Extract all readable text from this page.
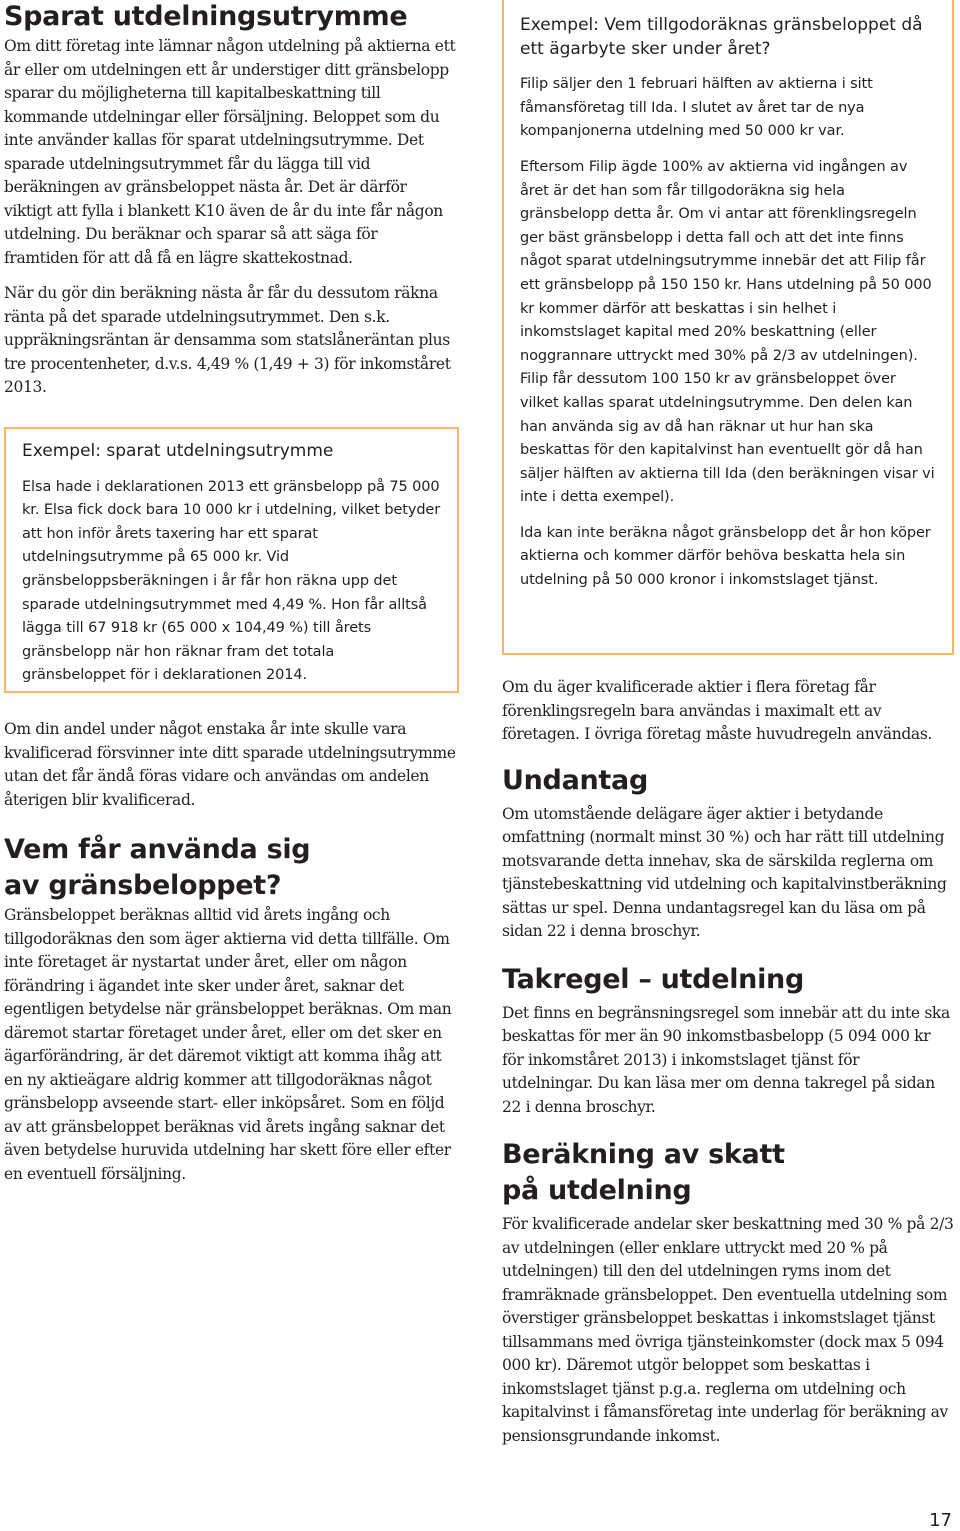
Sparat utdelningsutrymme

Om ditt företag inte lämnar någon utdelning på aktierna ett år eller om utdelningen ett år understiger ditt gränsbelopp sparar du möjligheterna till kapitalbeskattning till kommande utdelningar eller försäljning. Beloppet som du inte använder kallas för sparat utdelningsutrymme. Det sparade utdelningsutrymmet får du lägga till vid beräkningen av gränsbeloppet nästa år. Det är därför viktigt att fylla i blankett K10 även de år du inte får någon utdelning. Du beräknar och sparar så att säga för framtiden för att då få en lägre skattekostnad.

När du gör din beräkning nästa år får du dessutom räkna ränta på det sparade utdelningsutrymmet. Den s.k. uppräkningsräntan är densamma som statslåneräntan plus tre procentenheter, d.v.s. 4,49 % (1,49 + 3) för inkomståret 2013.

Exempel: sparat utdelningsutrymme

Elsa hade i deklarationen 2013 ett gränsbelopp på 75 000 kr. Elsa fick dock bara 10 000 kr i utdelning, vilket betyder att hon inför årets taxering har ett sparat utdelningsutrymme på 65 000 kr. Vid gränsbeloppsberäkningen i år får hon räkna upp det sparade utdelningsutrymmet med 4,49 %. Hon får alltså lägga till 67 918 kr (65 000 x 104,49 %) till årets gränsbelopp när hon räknar fram det totala gränsbeloppet för i deklarationen 2014.

Om din andel under något enstaka år inte skulle vara kvalificerad försvinner inte ditt sparade utdelningsutrymme utan det får ändå föras vidare och användas om andelen återigen blir kvalificerad.

Vem får använda sig
av gränsbeloppet?

Gränsbeloppet beräknas alltid vid årets ingång och tillgodoräknas den som äger aktierna vid detta tillfälle. Om inte företaget är nystartat under året, eller om någon förändring i ägandet inte sker under året, saknar det egentligen betydelse när gränsbeloppet beräknas. Om man däremot startar företaget under året, eller om det sker en ägarförändring, är det däremot viktigt att komma ihåg att en ny aktieägare aldrig kommer att tillgodoräknas något gränsbelopp avseende start- eller inköpsåret. Som en följd av att gränsbeloppet beräknas vid årets ingång saknar det även betydelse huruvida utdelning har skett före eller efter en eventuell försäljning.

Exempel: Vem tillgodoräknas gränsbeloppet då ett ägarbyte sker under året?

Filip säljer den 1 februari hälften av aktierna i sitt fåmansföretag till Ida. I slutet av året tar de nya kompanjonerna utdelning med 50 000 kr var.

Eftersom Filip ägde 100% av aktierna vid ingången av året är det han som får tillgodoräkna sig hela gränsbelopp detta år. Om vi antar att förenklingsregeln ger bäst gränsbelopp i detta fall och att det inte finns något sparat utdelningsutrymme innebär det att Filip får ett gränsbelopp på 150 150 kr. Hans utdelning på 50 000 kr kommer därför att beskattas i sin helhet i inkomstslaget kapital med 20% beskattning (eller noggrannare uttryckt med 30% på 2/3 av utdelningen). Filip får dessutom 100 150 kr av gränsbeloppet över vilket kallas sparat utdelningsutrymme. Den delen kan han använda sig av då han räknar ut hur han ska beskattas för den kapitalvinst han eventuellt gör då han säljer hälften av aktierna till Ida (den beräkningen visar vi inte i detta exempel).

Ida kan inte beräkna något gränsbelopp det år hon köper aktierna och kommer därför behöva beskatta hela sin utdelning på 50 000 kronor i inkomstslaget tjänst.

Om du äger kvalificerade aktier i flera företag får förenklingsregeln bara användas i maximalt ett av företagen. I övriga företag måste huvudregeln användas.

Undantag

Om utomstående delägare äger aktier i betydande omfattning (normalt minst 30 %) och har rätt till utdelning motsvarande detta innehav, ska de särskilda reglerna om tjänstebeskattning vid utdelning och kapitalvinstberäkning sättas ur spel. Denna undantagsregel kan du läsa om på sidan 22 i denna broschyr.

Takregel – utdelning

Det finns en begränsningsregel som innebär att du inte ska beskattas för mer än 90 inkomstbasbelopp (5 094 000 kr för inkomståret 2013) i inkomstslaget tjänst för utdelningar. Du kan läsa mer om denna takregel på sidan 22 i denna broschyr.

Beräkning av skatt
på utdelning

För kvalificerade andelar sker beskattning med 30 % på 2/3 av utdelningen (eller enklare uttryckt med 20 % på utdelningen) till den del utdelningen ryms inom det framräknade gränsbeloppet. Den eventuella utdelning som överstiger gränsbeloppet beskattas i inkomstslaget tjänst tillsammans med övriga tjänsteinkomster (dock max 5 094 000 kr). Däremot utgör beloppet som beskattas i inkomstslaget tjänst p.g.a. reglerna om utdelning och kapitalvinst i fåmansföretag inte underlag för beräkning av pensionsgrundande inkomst.

17
